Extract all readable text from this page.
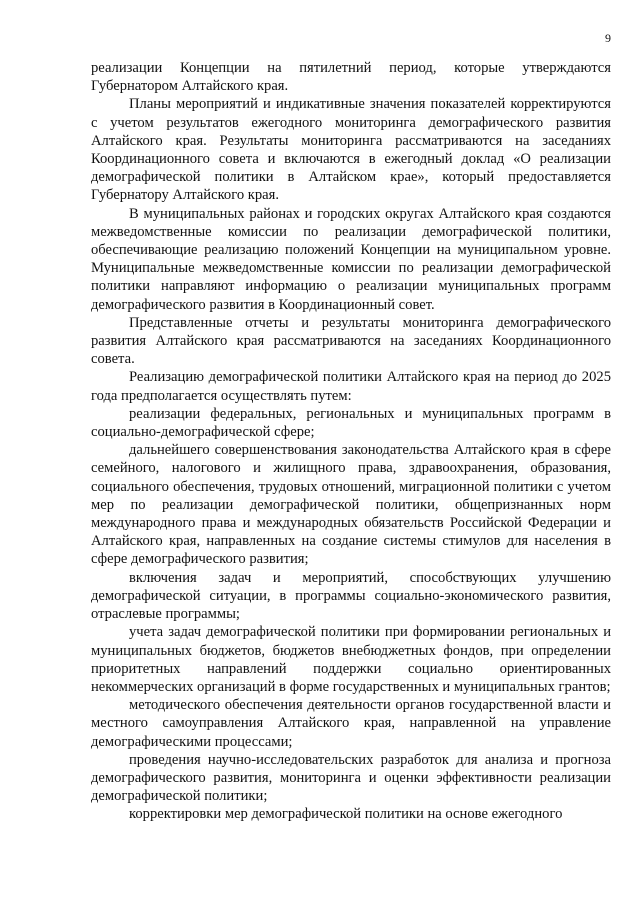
9

реализации Концепции на пятилетний период, которые утверждаются Губернатором Алтайского края.

Планы мероприятий и индикативные значения показателей корректируются с учетом результатов ежегодного мониторинга демографического развития Алтайского края. Результаты мониторинга рассматриваются на заседаниях Координационного совета и включаются в ежегодный доклад «О реализации демографической политики в Алтайском крае», который предоставляется Губернатору Алтайского края.

В муниципальных районах и городских округах Алтайского края создаются межведомственные комиссии по реализации демографической политики, обеспечивающие реализацию положений Концепции на муниципальном уровне. Муниципальные межведомственные комиссии по реализации демографической политики направляют информацию о реализации муниципальных программ демографического развития в Координационный совет.

Представленные отчеты и результаты мониторинга демографического развития Алтайского края рассматриваются на заседаниях Координационного совета.

Реализацию демографической политики Алтайского края на период до 2025 года предполагается осуществлять путем:

реализации федеральных, региональных и муниципальных программ в социально-демографической сфере;

дальнейшего совершенствования законодательства Алтайского края в сфере семейного, налогового и жилищного права, здравоохранения, образования, социального обеспечения, трудовых отношений, миграционной политики с учетом мер по реализации демографической политики, общепризнанных норм международного права и международных обязательств Российской Федерации и Алтайского края, направленных на создание системы стимулов для населения в сфере демографического развития;

включения задач и мероприятий, способствующих улучшению демографической ситуации, в программы социально-экономического развития, отраслевые программы;

учета задач демографической политики при формировании региональных и муниципальных бюджетов, бюджетов внебюджетных фондов, при определении приоритетных направлений поддержки социально ориентированных некоммерческих организаций в форме государственных и муниципальных грантов;

методического обеспечения деятельности органов государственной власти и местного самоуправления Алтайского края, направленной на управление демографическими процессами;

проведения научно-исследовательских разработок для анализа и прогноза демографического развития, мониторинга и оценки эффективности реализации демографической политики;

корректировки мер демографической политики на основе ежегодного
